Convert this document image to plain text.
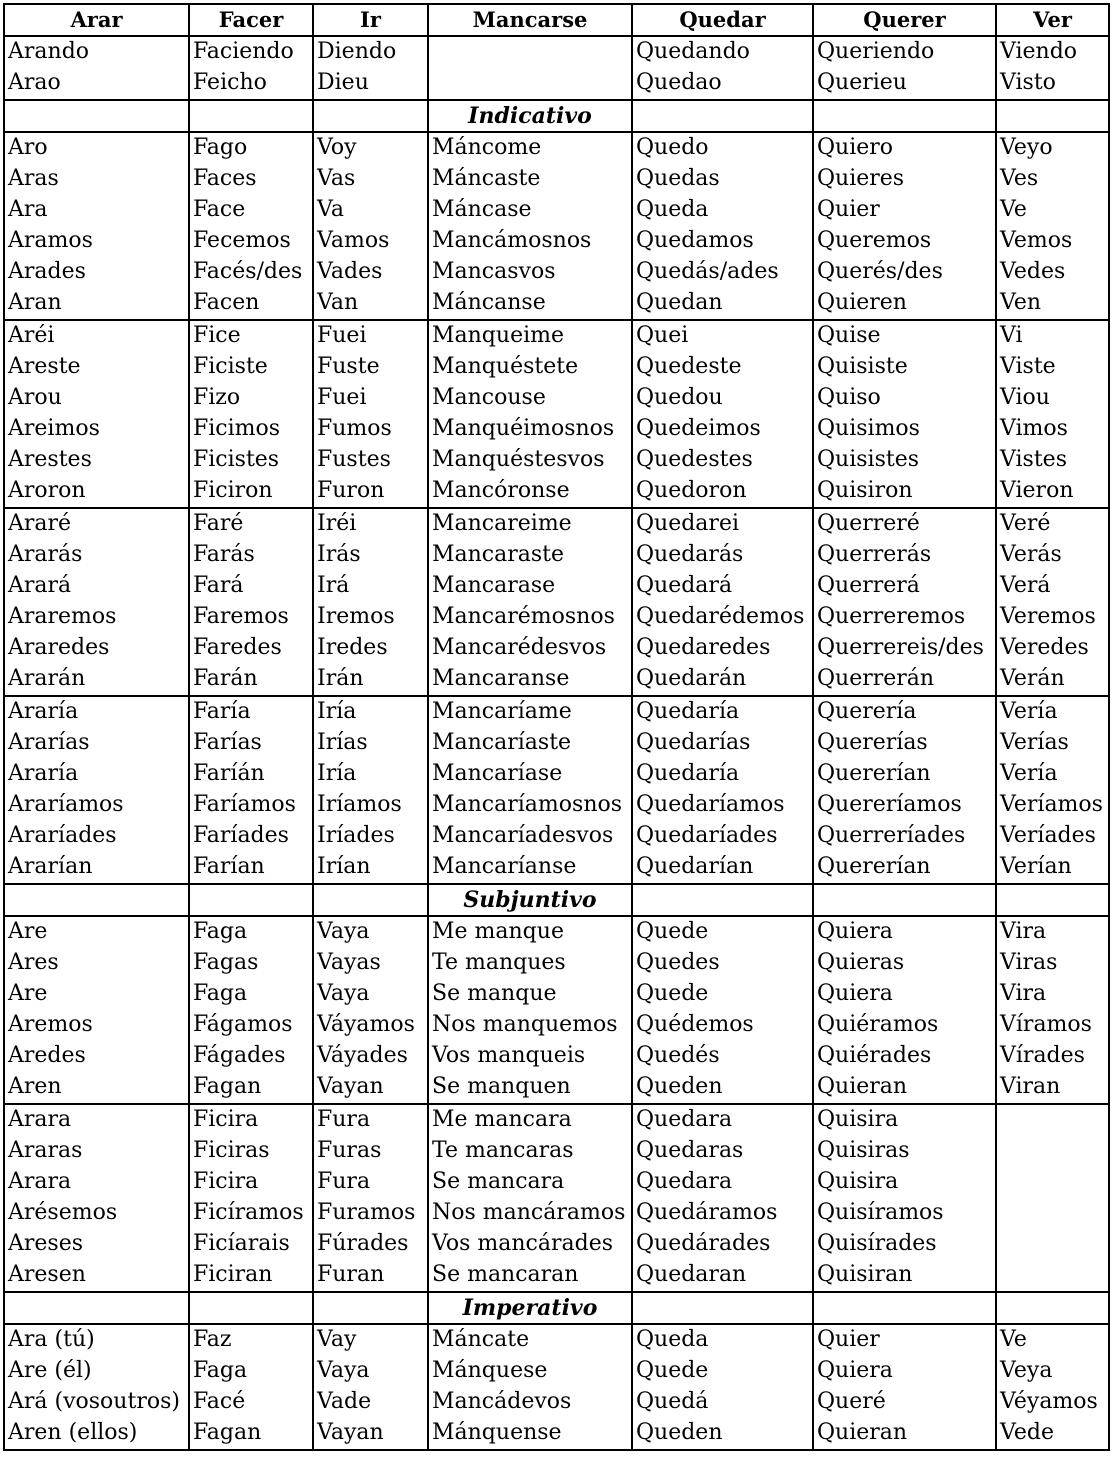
Arar	Facer	Ir	Mancarse	Quedar	Querer	Ver
Arando	Faciendo	Diendo		Quedando	Queriendo	Viendo
Arao	Feicho	Dieu		Quedao	Querieu	Visto
			Indicativo			
Aro	Fago	Voy	Máncome	Quedo	Quiero	Veyo
Aras	Faces	Vas	Máncaste	Quedas	Quieres	Ves
Ara	Face	Va	Máncase	Queda	Quier	Ve
Aramos	Fecemos	Vamos	Mancámosnos	Quedamos	Queremos	Vemos
Arades	Facés/des	Vades	Mancasvos	Quedás/ades	Querés/des	Vedes
Aran	Facen	Van	Máncanse	Quedan	Quieren	Ven
Aréi	Fice	Fuei	Manqueime	Quei	Quise	Vi
Areste	Ficiste	Fuste	Manquéstete	Quedeste	Quisiste	Viste
Arou	Fizo	Fuei	Mancouse	Quedou	Quiso	Viou
Areimos	Ficimos	Fumos	Manquéimosnos	Quedeimos	Quisimos	Vimos
Arestes	Ficistes	Fustes	Manquéstesvos	Quedestes	Quisistes	Vistes
Aroron	Ficiron	Furon	Mancóronse	Quedoron	Quisiron	Vieron
Araré	Faré	Iréi	Mancareime	Quedarei	Querreré	Veré
Ararás	Farás	Irás	Mancaraste	Quedarás	Querrerás	Verás
Arará	Fará	Irá	Mancarase	Quedará	Querrerá	Verá
Araremos	Faremos	Iremos	Mancarémosnos	Quedarédemos	Querreremos	Veremos
Araredes	Faredes	Iredes	Mancarédesvos	Quedaredes	Querrereis/des	Veredes
Ararán	Farán	Irán	Mancaranse	Quedarán	Querrerán	Verán
Araría	Faría	Iría	Mancaríame	Quedaría	Querería	Vería
Ararías	Farías	Irías	Mancaríaste	Quedarías	Quererías	Verías
Araría	Faríán	Iría	Mancaríase	Quedaría	Quererían	Vería
Araríamos	Faríamos	Iríamos	Mancaríamosnos	Quedaríamos	Quereríamos	Veríamos
Araríades	Faríades	Iríades	Mancaríadesvos	Quedaríades	Querreríades	Veríades
Ararían	Farían	Irían	Mancaríanse	Quedarían	Quererían	Verían
			Subjuntivo			
Are	Faga	Vaya	Me manque	Quede	Quiera	Vira
Ares	Fagas	Vayas	Te manques	Quedes	Quieras	Viras
Are	Faga	Vaya	Se manque	Quede	Quiera	Vira
Aremos	Fágamos	Váyamos	Nos manquemos	Quédemos	Quiéramos	Víramos
Aredes	Fágades	Váyades	Vos manqueis	Quedés	Quiérades	Vírades
Aren	Fagan	Vayan	Se manquen	Queden	Quieran	Viran
Arara	Ficira	Fura	Me mancara	Quedara	Quisira	
Araras	Ficiras	Furas	Te mancaras	Quedaras	Quisiras	
Arara	Ficira	Fura	Se mancara	Quedara	Quisira	
Arésemos	Ficíramos	Furamos	Nos mancáramos	Quedáramos	Quisíramos	
Areses	Ficíarais	Fúrades	Vos mancárades	Quedárades	Quisírades	
Aresen	Ficiran	Furan	Se mancaran	Quedaran	Quisiran	
			Imperativo			
Ara (tú)	Faz	Vay	Máncate	Queda	Quier	Ve
Are (él)	Faga	Vaya	Mánquese	Quede	Quiera	Veya
Ará (vosoutros)	Facé	Vade	Mancádevos	Quedá	Queré	Véyamos
Aren (ellos)	Fagan	Vayan	Mánquense	Queden	Quieran	Vede
